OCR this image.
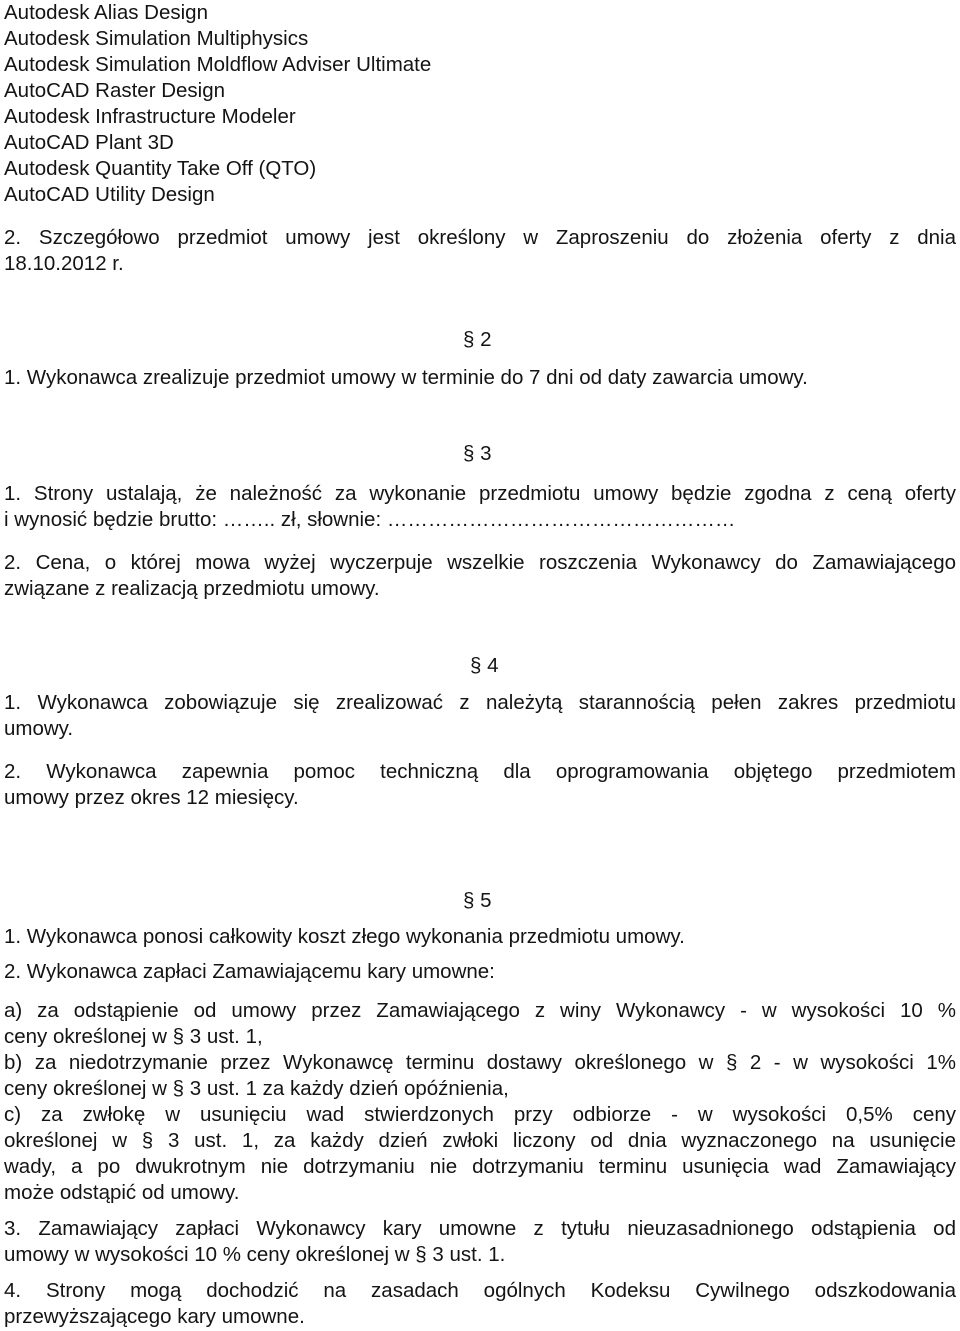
Autodesk Alias Design
Autodesk Simulation Multiphysics
Autodesk Simulation Moldflow Adviser Ultimate
AutoCAD Raster Design
Autodesk Infrastructure Modeler
AutoCAD Plant 3D
Autodesk Quantity Take Off (QTO)
AutoCAD Utility Design
2. Szczegółowo przedmiot umowy jest określony w Zaproszeniu do złożenia oferty z dnia
18.10.2012 r.
§ 2
1. Wykonawca zrealizuje przedmiot umowy w terminie do 7 dni od daty zawarcia umowy.
§ 3
1. Strony ustalają, że należność za wykonanie przedmiotu umowy będzie zgodna z ceną oferty
i wynosić będzie brutto: …….. zł, słownie: ……………………………………………
2. Cena, o której mowa wyżej wyczerpuje wszelkie roszczenia Wykonawcy do Zamawiającego
związane z realizacją przedmiotu umowy.
§ 4
1. Wykonawca zobowiązuje się zrealizować z należytą starannością pełen zakres przedmiotu
umowy.
2. Wykonawca zapewnia pomoc techniczną dla oprogramowania objętego przedmiotem
umowy przez okres 12 miesięcy.
§ 5
1. Wykonawca ponosi całkowity koszt złego wykonania przedmiotu umowy.
2. Wykonawca zapłaci Zamawiającemu kary umowne:
a) za odstąpienie od umowy przez Zamawiającego z winy Wykonawcy - w wysokości 10 %
ceny określonej w § 3 ust. 1,
b) za niedotrzymanie przez Wykonawcę terminu dostawy określonego w § 2 - w wysokości 1%
ceny określonej w § 3 ust. 1 za każdy dzień opóźnienia,
c) za zwłokę w usunięciu wad stwierdzonych przy odbiorze - w wysokości 0,5% ceny
określonej w § 3 ust. 1, za każdy dzień zwłoki liczony od dnia wyznaczonego na usunięcie
wady, a po dwukrotnym nie dotrzymaniu nie dotrzymaniu terminu usunięcia wad Zamawiający
może odstąpić od umowy.
3. Zamawiający zapłaci Wykonawcy kary umowne z tytułu nieuzasadnionego odstąpienia od
umowy w wysokości 10 % ceny określonej w § 3 ust. 1.
4. Strony mogą dochodzić na zasadach ogólnych Kodeksu Cywilnego odszkodowania
przewyższającego kary umowne.
